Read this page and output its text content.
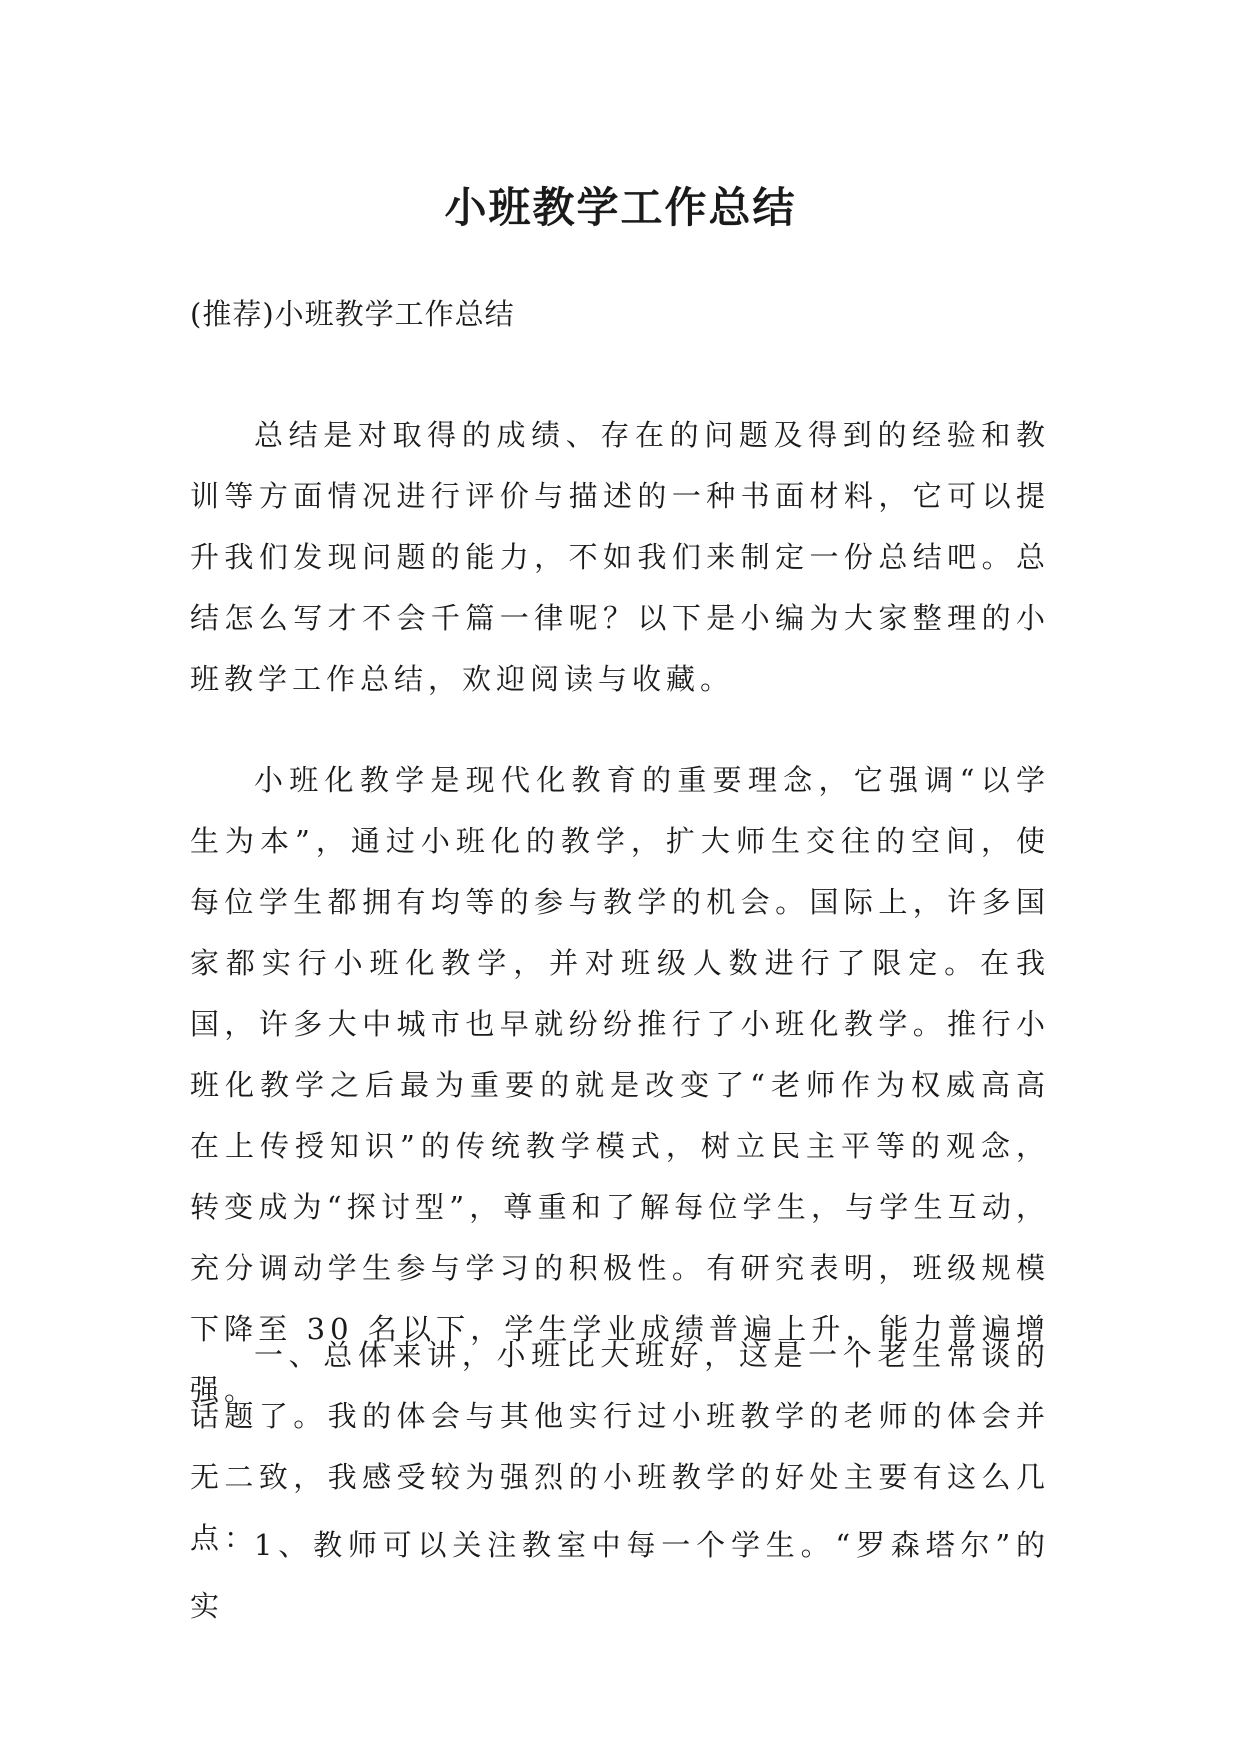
小班教学工作总结
(推荐)小班教学工作总结

总结是对取得的成绩、存在的问题及得到的经验和教训等方面情况进行评价与描述的一种书面材料，它可以提升我们发现问题的能力，不如我们来制定一份总结吧。总结怎么写才不会千篇一律呢？以下是小编为大家整理的小班教学工作总结，欢迎阅读与收藏。

小班化教学是现代化教育的重要理念，它强调“以学生为本”，通过小班化的教学，扩大师生交往的空间，使每位学生都拥有均等的参与教学的机会。国际上，许多国家都实行小班化教学，并对班级人数进行了限定。在我国，许多大中城市也早就纷纷推行了小班化教学。推行小班化教学之后最为重要的就是改变了“老师作为权威高高在上传授知识”的传统教学模式，树立民主平等的观念，转变成为“探讨型”，尊重和了解每位学生，与学生互动，充分调动学生参与学习的积极性。有研究表明，班级规模下降至 30 名以下，学生学业成绩普遍上升，能力普遍增强。

一、总体来讲，小班比大班好，这是一个老生常谈的话题了。我的体会与其他实行过小班教学的老师的体会并无二致，我感受较为强烈的小班教学的好处主要有这么几点：

1、教师可以关注教室中每一个学生。“罗森塔尔”的实
